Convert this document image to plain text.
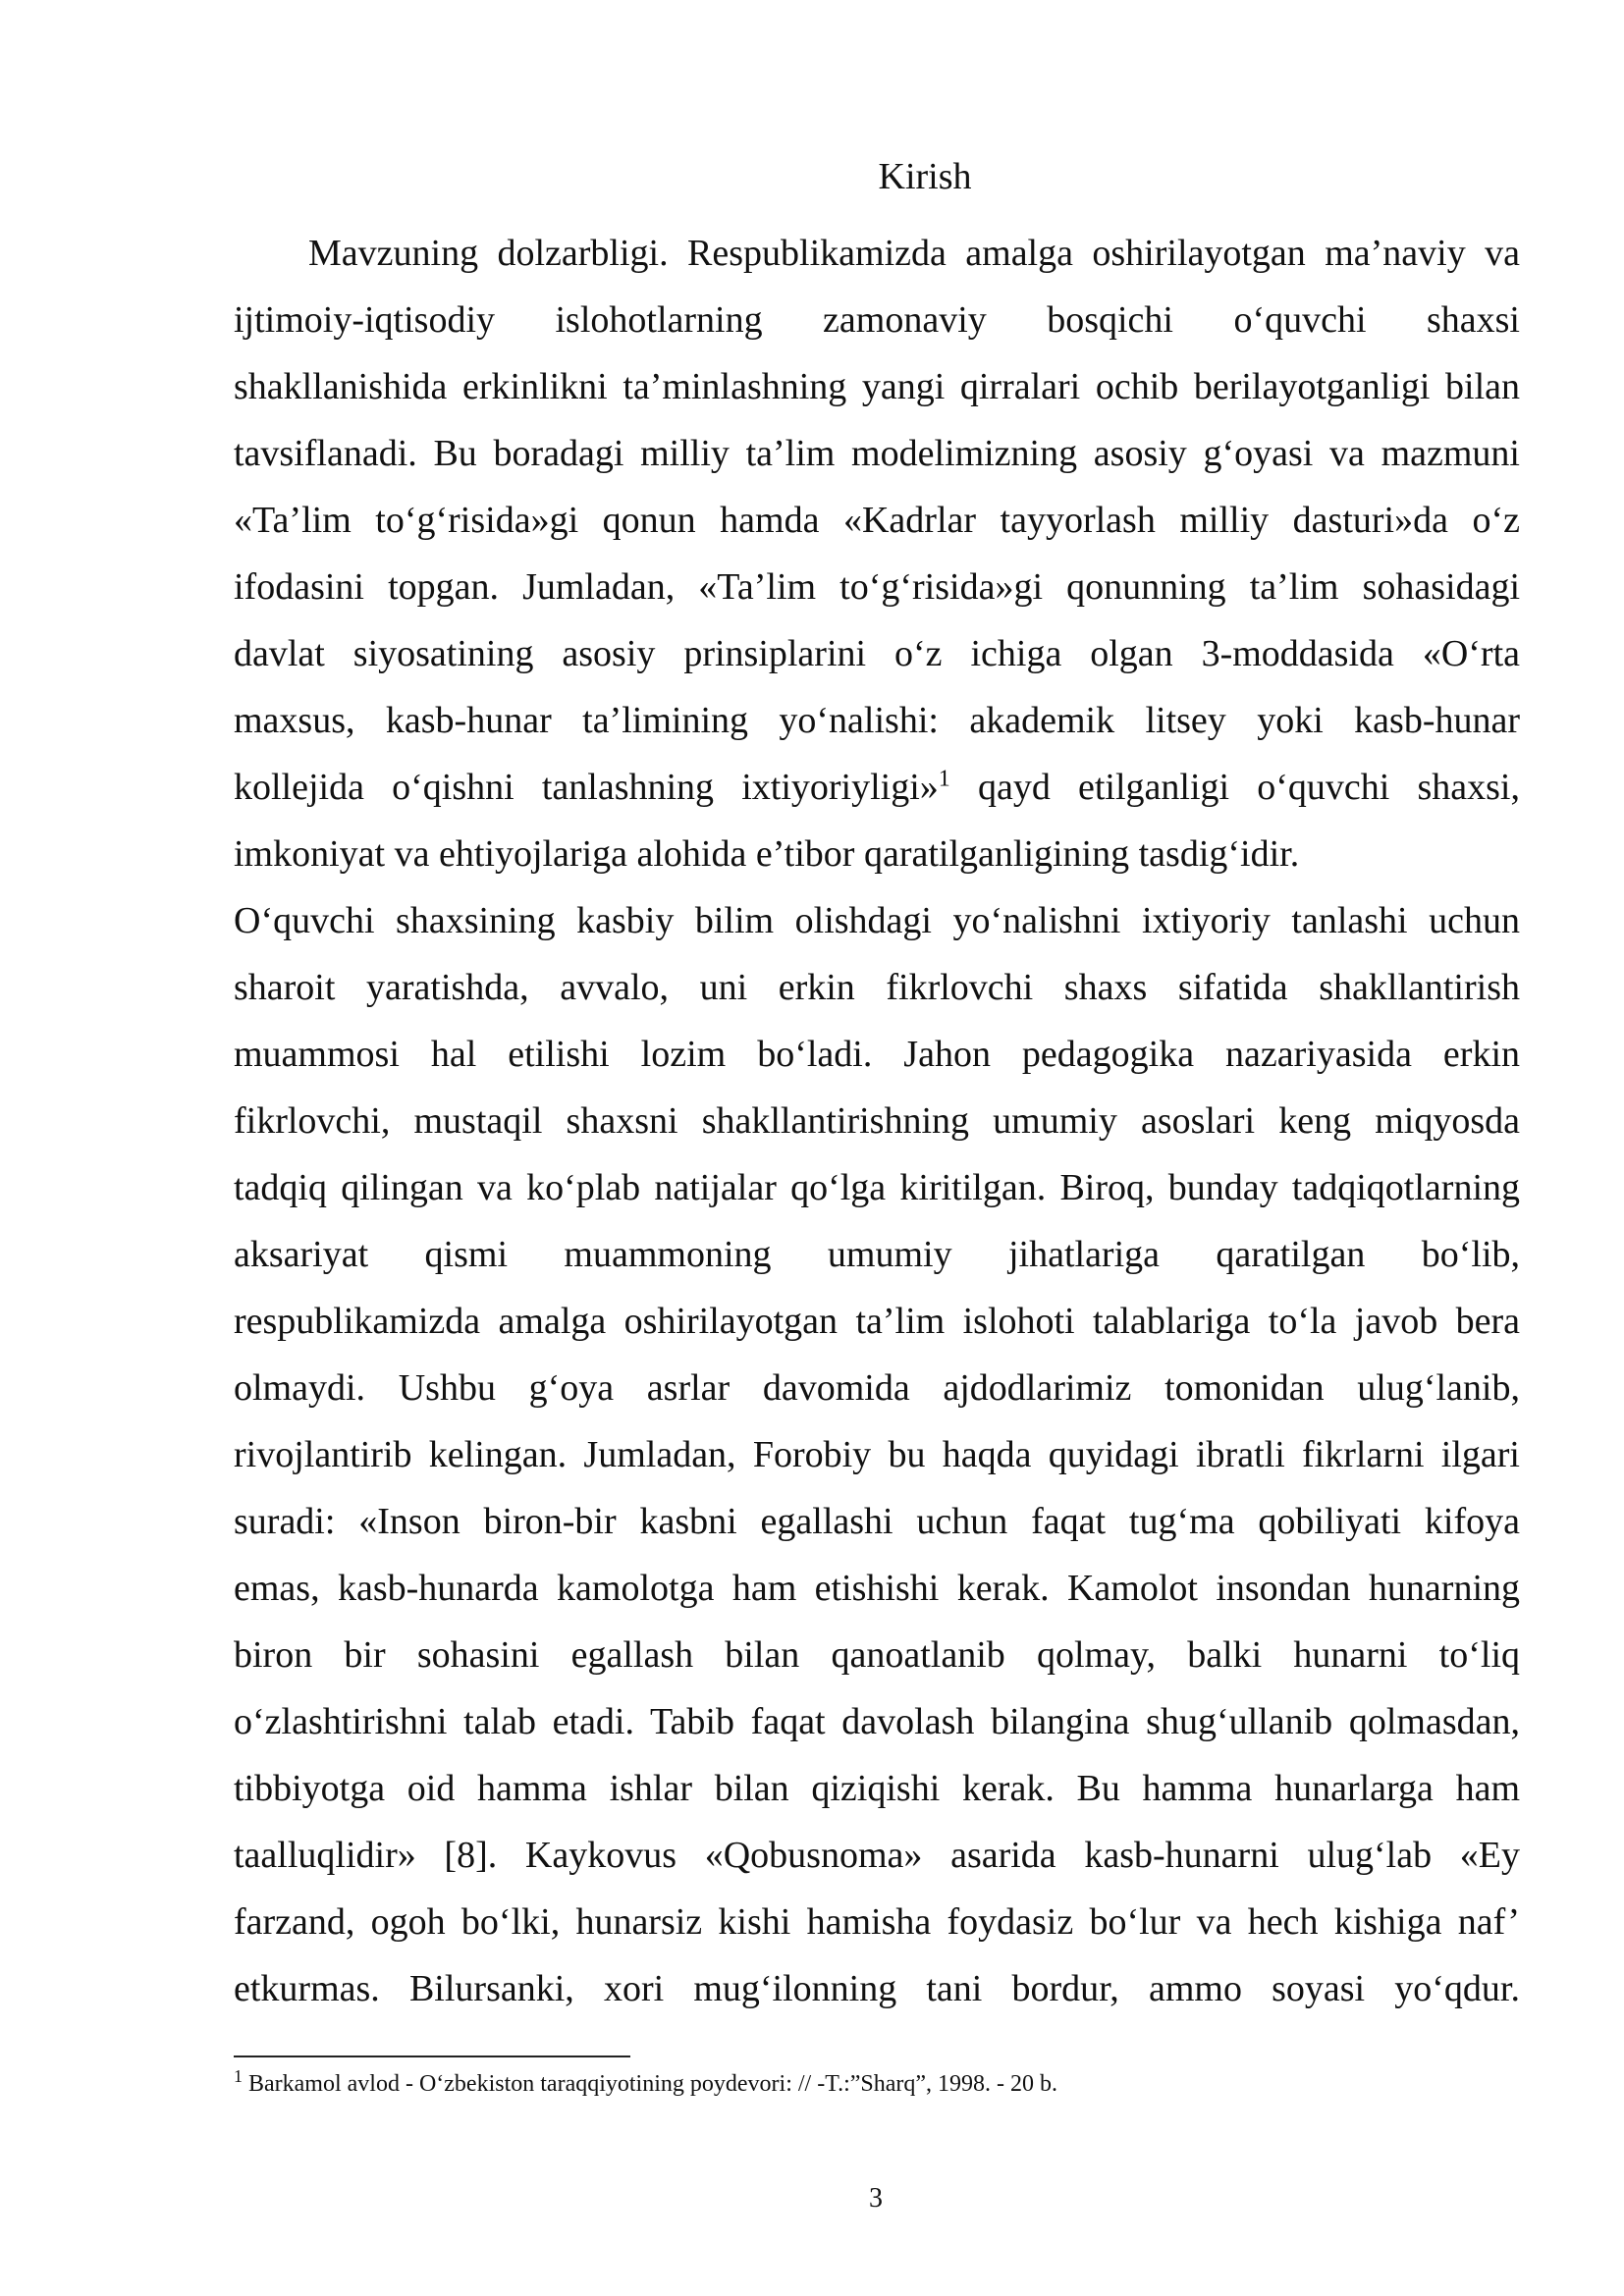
Kirish
Mavzuning dolzarbligi. Respublikamizda amalga oshirilayotgan ma’naviy va
ijtimoiy-iqtisodiy islohotlarning zamonaviy bosqichi o‘quvchi shaxsi
shakllanishida erkinlikni ta’minlashning yangi qirralari ochib berilayotganligi bilan
tavsiflanadi. Bu boradagi milliy ta’lim modelimizning asosiy g‘oyasi va mazmuni
«Ta’lim to‘g‘risida»gi qonun hamda «Kadrlar tayyorlash milliy dasturi»da o‘z
ifodasini topgan. Jumladan, «Ta’lim to‘g‘risida»gi qonunning ta’lim sohasidagi
davlat siyosatining asosiy prinsiplarini o‘z ichiga olgan 3-moddasida «O‘rta
maxsus, kasb-hunar ta’limining yo‘nalishi: akademik litsey yoki kasb-hunar
kollejida o‘qishni tanlashning ixtiyoriyligi»$^1$ qayd etilganligi o‘quvchi shaxsi,
imkoniyat va ehtiyojlariga alohida e’tibor qaratilganligining tasdig‘idir.
O‘quvchi shaxsining kasbiy bilim olishdagi yo‘nalishni ixtiyoriy tanlashi uchun
sharoit yaratishda, avvalo, uni erkin fikrlovchi shaxs sifatida shakllantirish
muammosi hal etilishi lozim bo‘ladi. Jahon pedagogika nazariyasida erkin
fikrlovchi, mustaqil shaxsni shakllantirishning umumiy asoslari keng miqyosda
tadqiq qilingan va ko‘plab natijalar qo‘lga kiritilgan. Biroq, bunday tadqiqotlarning
aksariyat qismi muammoning umumiy jihatlariga qaratilgan bo‘lib,
respublikamizda amalga oshirilayotgan ta’lim islohoti talablariga to‘la javob bera
olmaydi. Ushbu g‘oya asrlar davomida ajdodlarimiz tomonidan ulug‘lanib,
rivojlantirib kelingan. Jumladan, Forobiy bu haqda quyidagi ibratli fikrlarni ilgari
suradi: «Inson biron-bir kasbni egallashi uchun faqat tug‘ma qobiliyati kifoya
emas, kasb-hunarda kamolotga ham etishishi kerak. Kamolot insondan hunarning
biron bir sohasini egallash bilan qanoatlanib qolmay, balki hunarni to‘liq
o‘zlashtirishni talab etadi. Tabib faqat davolash bilangina shug‘ullanib qolmasdan,
tibbiyotga oid hamma ishlar bilan qiziqishi kerak. Bu hamma hunarlarga ham
taalluqlidir» [8]. Kaykovus «Qobusnoma» asarida kasb-hunarni ulug‘lab «Ey
farzand, ogoh bo‘lki, hunarsiz kishi hamisha foydasiz bo‘lur va hech kishiga naf’
etkurmas. Bilursanki, xori mug‘ilonning tani bordur, ammo soyasi yo‘qdur.
$^1$ Barkamol avlod - O‘zbekiston taraqqiyotining poydevori: // -T.:”Sharq”, 1998. - 20 b.
3
